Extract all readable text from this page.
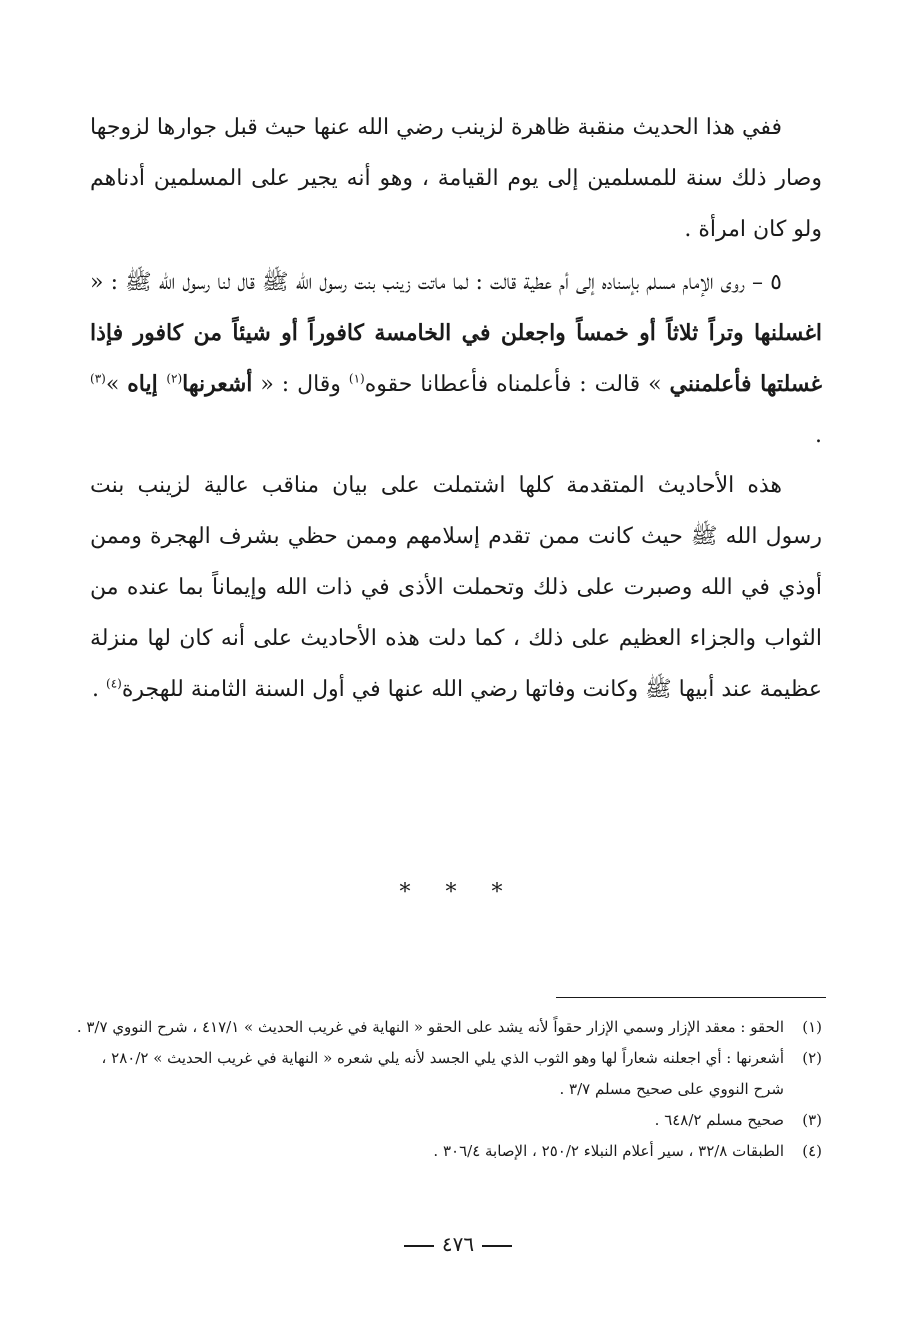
ففي هذا الحديث منقبة ظاهرة لزينب رضي الله عنها حيث قبل جوارها لزوجها وصار ذلك سنة للمسلمين إلى يوم القيامة ، وهو أنه يجير على المسلمين أدناهم ولو كان امرأة .

٥ – روى الإمام مسلم بإسناده إلى أم عطية قالت : لما ماتت زينب بنت رسول الله ﷺ قال لنا رسول الله ﷺ : « اغسلنها وتراً ثلاثاً أو خمساً واجعلن في الخامسة كافوراً أو شيئاً من كافور فإذا غسلتها فأعلمنني » قالت : فأعلمناه فأعطانا حقوه$^{(١)}$ وقال : « أشعرنها$^{(٢)}$ إياه »$^{(٣)}$ .

هذه الأحاديث المتقدمة كلها اشتملت على بيان مناقب عالية لزينب بنت رسول الله ﷺ حيث كانت ممن تقدم إسلامهم وممن حظي بشرف الهجرة وممن أوذي في الله وصبرت على ذلك وتحملت الأذى في ذات الله وإيماناً بما عنده من الثواب والجزاء العظيم على ذلك ، كما دلت هذه الأحاديث على أنه كان لها منزلة عظيمة عند أبيها ﷺ وكانت وفاتها رضي الله عنها في أول السنة الثامنة للهجرة$^{(٤)}$ .

* * *

(١)
الحقو : معقد الإزار وسمي الإزار حقواً لأنه يشد على الحقو « النهاية في غريب الحديث » ٤١٧/١ ، شرح النووي ٣/٧ .

(٢)
أشعرنها : أي اجعلنه شعاراً لها وهو الثوب الذي يلي الجسد لأنه يلي شعره « النهاية في غريب الحديث » ٢٨٠/٢ ، شرح النووي على صحيح مسلم ٣/٧ .

(٣)
صحيح مسلم ٦٤٨/٢ .

(٤)
الطبقات ٣٢/٨ ، سير أعلام النبلاء ٢٥٠/٢ ، الإصابة ٣٠٦/٤ .

٤٧٦
